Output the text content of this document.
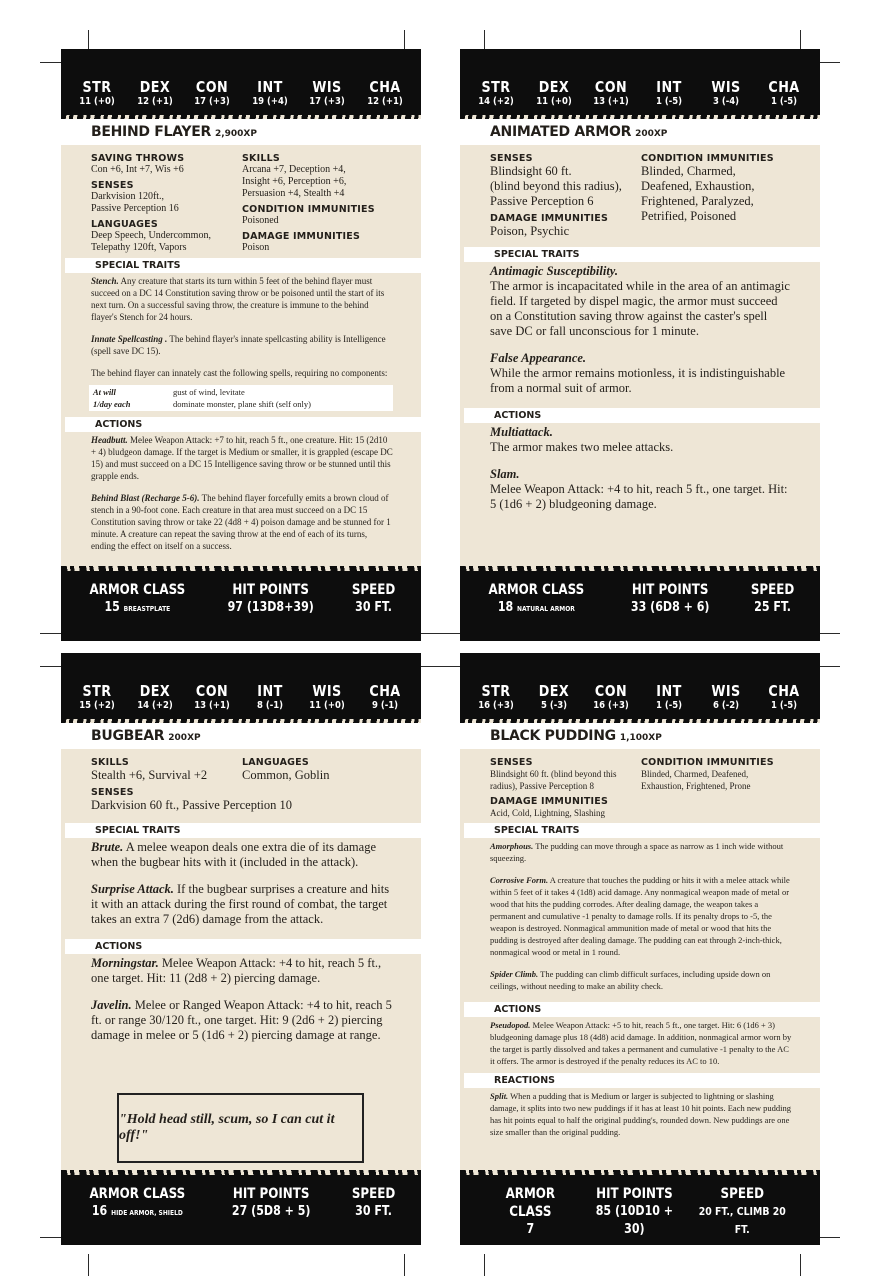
STR
11 (+0)
DEX
12 (+1)
CON
17 (+3)
INT
19 (+4)
WIS
17 (+3)
CHA
12 (+1)
BEHIND FLAYER 2,900XP
SAVING THROWS
Con +6, Int +7, Wis +6
SENSES
Darkvision 120ft.,
Passive Perception 16
LANGUAGES
Deep Speech, Undercommon,
Telepathy 120ft, Vapors
SKILLS
Arcana +7, Deception +4,
Insight +6, Perception +6,
Persuasion +4, Stealth +4
CONDITION IMMUNITIES
Poisoned
DAMAGE IMMUNITIES
Poison
SPECIAL TRAITS
Stench. Any creature that starts its turn within 5 feet of the behind flayer must succeed on a DC 14 Constitution saving throw or be poisoned until the start of its next turn. On a successful saving throw, the creature is immune to the behind flayer's Stench for 24 hours.
Innate Spellcasting . The behind flayer's innate spellcasting ability is Intelligence (spell save DC 15).
The behind flayer can innately cast the following spells, requiring no components:
At will	gust of wind, levitate
1/day each	dominate monster, plane shift (self only)
ACTIONS
Headbutt. Melee Weapon Attack: +7 to hit, reach 5 ft., one creature. Hit: 15 (2d10 + 4) bludgeon damage. If the target is Medium or smaller, it is grappled (escape DC 15) and must succeed on a DC 15 Intelligence saving throw or be stunned until this grapple ends.
Behind Blast (Recharge 5-6). The behind flayer forcefully emits a brown cloud of stench in a 90-foot cone. Each creature in that area must succeed on a DC 15 Constitution saving throw or take 22 (4d8 + 4) poison damage and be stunned for 1 minute. A creature can repeat the saving throw at the end of each of its turns, ending the effect on itself on a success.
ARMOR CLASS
15 BREASTPLATE
HIT POINTS
97 (13D8+39)
SPEED
30 FT.
STR
14 (+2)
DEX
11 (+0)
CON
13 (+1)
INT
1 (-5)
WIS
3 (-4)
CHA
1 (-5)
ANIMATED ARMOR 200XP
SENSES
Blindsight 60 ft.
(blind beyond this radius),
Passive Perception 6
DAMAGE IMMUNITIES
Poison, Psychic
CONDITION IMMUNITIES
Blinded, Charmed,
Deafened, Exhaustion,
Frightened, Paralyzed,
Petrified, Poisoned
SPECIAL TRAITS
Antimagic Susceptibility.
The armor is incapacitated while in the area of an antimagic field. If targeted by dispel magic, the armor must succeed on a Constitution saving throw against the caster's spell save DC or fall unconscious for 1 minute.
False Appearance.
While the armor remains motionless, it is indistinguishable from a normal suit of armor.
ACTIONS
Multiattack.
The armor makes two melee attacks.
Slam.
Melee Weapon Attack: +4 to hit, reach 5 ft., one target. Hit: 5 (1d6 + 2) bludgeoning damage.
ARMOR CLASS
18 NATURAL ARMOR
HIT POINTS
33 (6D8 + 6)
SPEED
25 FT.
STR
15 (+2)
DEX
14 (+2)
CON
13 (+1)
INT
8 (-1)
WIS
11 (+0)
CHA
9 (-1)
BUGBEAR 200XP
SKILLS
Stealth +6, Survival +2
LANGUAGES
Common, Goblin
SENSES
Darkvision 60 ft., Passive Perception 10
SPECIAL TRAITS
Brute. A melee weapon deals one extra die of its damage when the bugbear hits with it (included in the attack).
Surprise Attack. If the bugbear surprises a creature and hits it with an attack during the first round of combat, the target takes an extra 7 (2d6) damage from the attack.
ACTIONS
Morningstar. Melee Weapon Attack: +4 to hit, reach 5 ft., one target. Hit: 11 (2d8 + 2) piercing damage.
Javelin. Melee or Ranged Weapon Attack: +4 to hit, reach 5 ft. or range 30/120 ft., one target. Hit: 9 (2d6 + 2) piercing damage in melee or 5 (1d6 + 2) piercing damage at range.
"Hold head still, scum, so I can cut it off!"
ARMOR CLASS
16 HIDE ARMOR, SHIELD
HIT POINTS
27 (5D8 + 5)
SPEED
30 FT.
STR
16 (+3)
DEX
5 (-3)
CON
16 (+3)
INT
1 (-5)
WIS
6 (-2)
CHA
1 (-5)
BLACK PUDDING 1,100XP
SENSES
Blindsight 60 ft. (blind beyond this
radius), Passive Perception 8
DAMAGE IMMUNITIES
Acid, Cold, Lightning, Slashing
CONDITION IMMUNITIES
Blinded, Charmed, Deafened,
Exhaustion, Frightened, Prone
SPECIAL TRAITS
Amorphous. The pudding can move through a space as narrow as 1 inch wide without squeezing.
Corrosive Form. A creature that touches the pudding or hits it with a melee attack while within 5 feet of it takes 4 (1d8) acid damage. Any nonmagical weapon made of metal or wood that hits the pudding corrodes. After dealing damage, the weapon takes a permanent and cumulative -1 penalty to damage rolls. If its penalty drops to -5, the weapon is destroyed. Nonmagical ammunition made of metal or wood that hits the pudding is destroyed after dealing damage. The pudding can eat through 2-inch-thick, nonmagical wood or metal in 1 round.
Spider Climb. The pudding can climb difficult surfaces, including upside down on ceilings, without needing to make an ability check.
ACTIONS
Pseudopod. Melee Weapon Attack: +5 to hit, reach 5 ft., one target. Hit: 6 (1d6 + 3) bludgeoning damage plus 18 (4d8) acid damage. In addition, nonmagical armor worn by the target is partly dissolved and takes a permanent and cumulative -1 penalty to the AC it offers. The armor is destroyed if the penalty reduces its AC to 10.
REACTIONS
Split. When a pudding that is Medium or larger is subjected to lightning or slashing damage, it splits into two new puddings if it has at least 10 hit points. Each new pudding has hit points equal to half the original pudding's, rounded down. New puddings are one size smaller than the original pudding.
ARMOR CLASS
7
HIT POINTS
85 (10D10 + 30)
SPEED
20 FT., CLIMB 20 FT.
